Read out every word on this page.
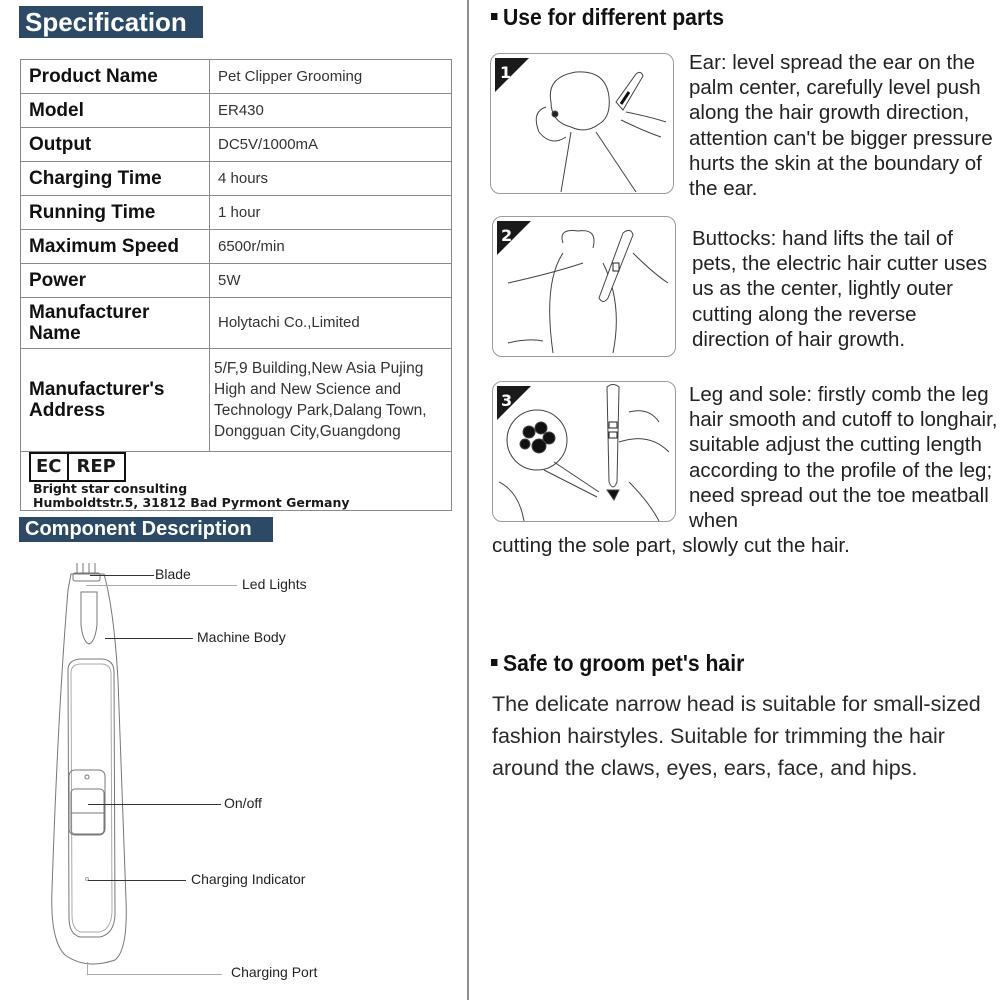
Specification
Product Name	Pet Clipper Grooming
Model	ER430
Output	DC5V/1000mA
Charging Time	4 hours
Running Time	1 hour
Maximum Speed	6500r/min
Power	5W
Manufacturer Name	Holytachi Co.,Limited
Manufacturer's Address	5/F,9 Building,New Asia Pujing High and New Science and Technology Park,Dalang Town, Dongguan City,Guangdong

EC REP
Bright star consulting
Humboldtstr.5, 31812 Bad Pyrmont Germany	
Component Description
Blade
Led Lights
Machine Body
On/off
Charging Indicator
Charging Port
Use for different parts
1	Ear: level spread the ear on the palm center, carefully level push along the hair growth direction, attention can't be bigger pressure hurts the skin at the boundary of the ear.
2	Buttocks: hand lifts the tail of pets, the electric hair cutter uses us as the center, lightly outer cutting along the reverse direction of hair growth.
3	Leg and sole: firstly comb the leg hair smooth and cutoff to longhair, suitable adjust the cutting length according to the profile of the leg; need spread out the toe meatball when
cutting the sole part, slowly cut the hair.
Safe to groom pet's hair
The delicate narrow head is suitable for small-sized fashion hairstyles. Suitable for trimming the hair around the claws, eyes, ears, face, and hips.
